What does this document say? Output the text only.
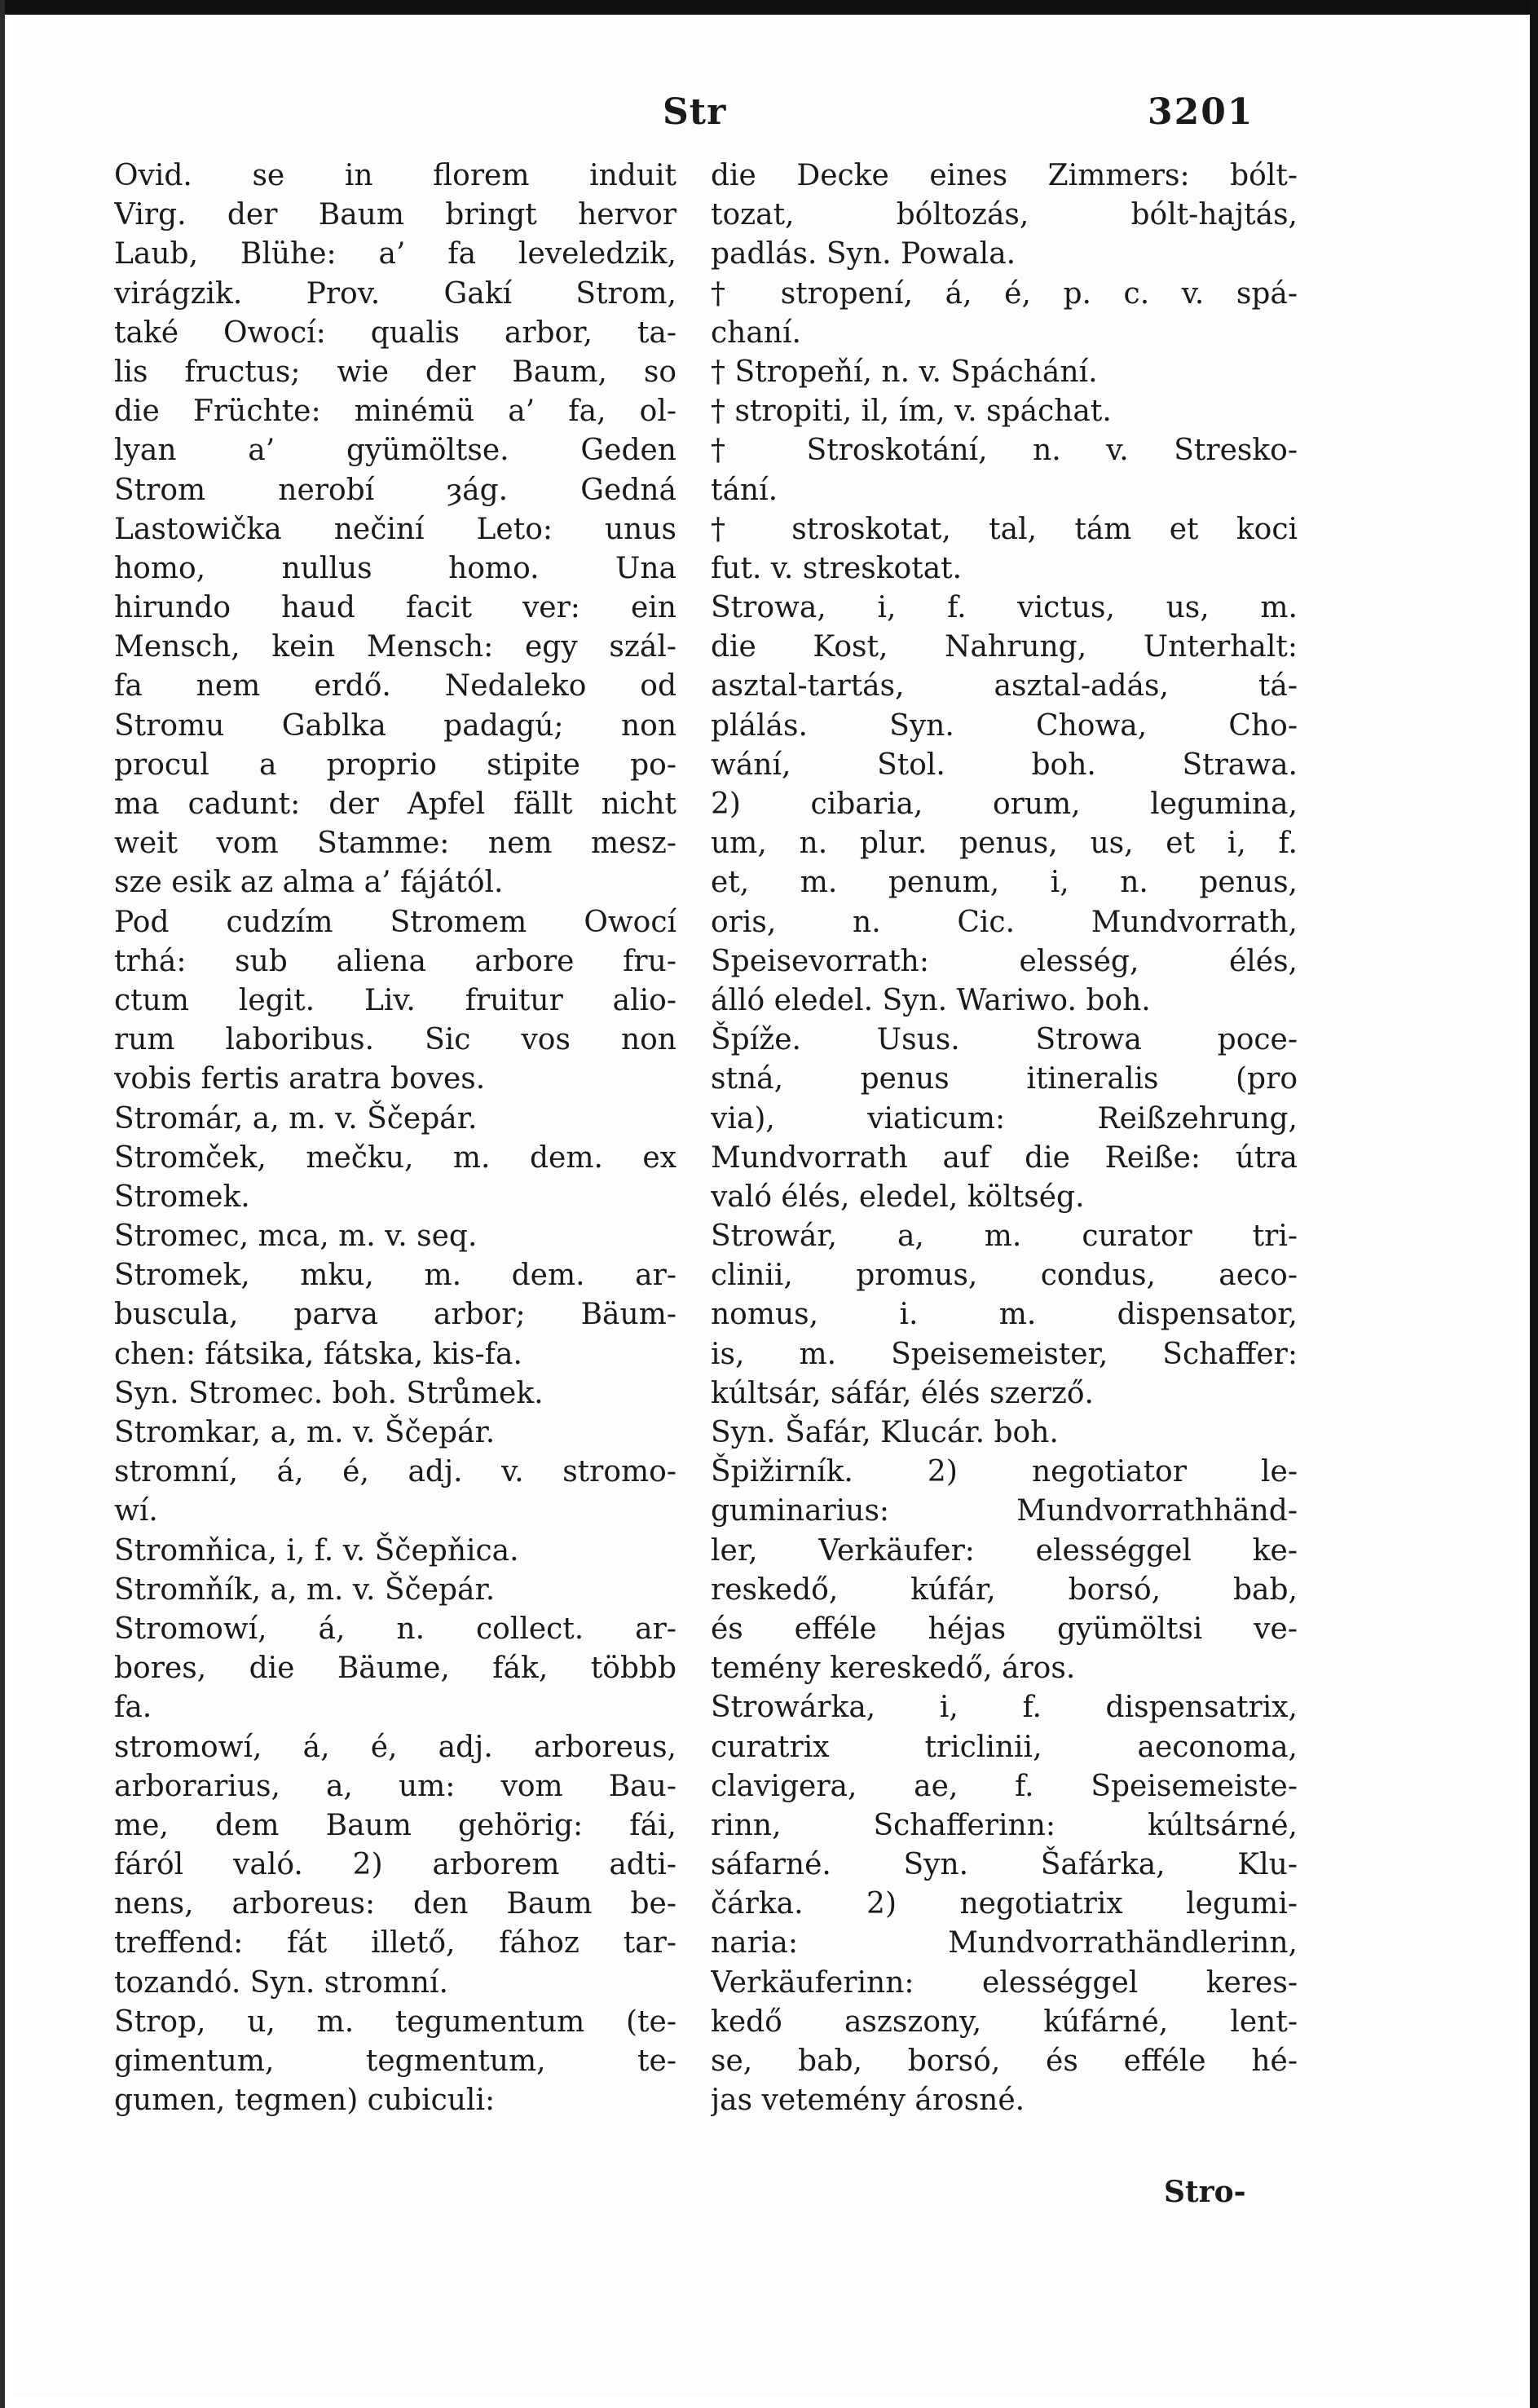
Str	3201
Ovid. se in florem induit
Virg. der Baum bringt hervor
Laub, Blühe: a’ fa leveledzik,
virágzik. Prov. Gakí Strom,
také Owocí: qualis arbor, ta-
lis fructus; wie der Baum, so
die Früchte: minémü a’ fa, ol-
lyan a’ gyümöltse. Geden
Strom nerobí ȝág. Gedná
Lastowička nečiní Leto: unus
homo, nullus homo. Una
hirundo haud facit ver: ein
Mensch, kein Mensch: egy szál-
fa nem erdő. Nedaleko od
Stromu Gablka padagú; non
procul a proprio stipite po-
ma cadunt: der Apfel fällt nicht
weit vom Stamme: nem mesz-
sze esik az alma a’ fájától.
Pod cudzím Stromem Owocí
trhá: sub aliena arbore fru-
ctum legit. Liv. fruitur alio-
rum laboribus. Sic vos non
vobis fertis aratra boves.
Stromár, a, m. v. Ščepár.
Stromček, mečku, m. dem. ex
Stromek.
Stromec, mca, m. v. seq.
Stromek, mku, m. dem. ar-
buscula, parva arbor; Bäum-
chen: fátsika, fátska, kis-fa.
Syn. Stromec. boh. Strůmek.
Stromkar, a, m. v. Ščepár.
stromní, á, é, adj. v. stromo-
wí.
Stromňica, i, f. v. Ščepňica.
Stromňík, a, m. v. Ščepár.
Stromowí, á, n. collect. ar-
bores, die Bäume, fák, többb
fa.
stromowí, á, é, adj. arboreus,
arborarius, a, um: vom Bau-
me, dem Baum gehörig: fái,
fáról való. 2) arborem adti-
nens, arboreus: den Baum be-
treffend: fát illető, fához tar-
tozandó. Syn. stromní.
Strop, u, m. tegumentum (te-
gimentum, tegmentum, te-
gumen, tegmen) cubiculi:
die Decke eines Zimmers: bólt-
tozat, bóltozás, bólt-hajtás,
padlás. Syn. Powala.
† stropení, á, é, p. c. v. spá-
chaní.
† Stropeňí, n. v. Spáchání.
† stropiti, il, ím, v. spáchat.
† Stroskotání, n. v. Stresko-
tání.
† stroskotat, tal, tám et koci
fut. v. streskotat.
Strowa, i, f. victus, us, m.
die Kost, Nahrung, Unterhalt:
asztal-tartás, asztal-adás, tá-
plálás. Syn. Chowa, Cho-
wání, Stol. boh. Strawa.
2) cibaria, orum, legumina,
um, n. plur. penus, us, et i, f.
et, m. penum, i, n. penus,
oris, n. Cic. Mundvorrath,
Speisevorrath: elesség, élés,
álló eledel. Syn. Wariwo. boh.
Špíže. Usus. Strowa poce-
stná, penus itineralis (pro
via), viaticum: Reißzehrung,
Mundvorrath auf die Reiße: útra
való élés, eledel, költség.
Strowár, a, m. curator tri-
clinii, promus, condus, aeco-
nomus, i. m. dispensator,
is, m. Speisemeister, Schaffer:
kúltsár, sáfár, élés szerző.
Syn. Šafár, Klucár. boh.
Špižirník. 2) negotiator le-
guminarius: Mundvorrathhänd-
ler, Verkäufer: elességgel ke-
reskedő, kúfár, borsó, bab,
és efféle héjas gyümöltsi ve-
temény kereskedő, áros.
Strowárka, i, f. dispensatrix,
curatrix triclinii, aeconoma,
clavigera, ae, f. Speisemeiste-
rinn, Schafferinn: kúltsárné,
sáfarné. Syn. Šafárka, Klu-
čárka. 2) negotiatrix legumi-
naria: Mundvorrathändlerinn,
Verkäuferinn: elességgel keres-
kedő aszszony, kúfárné, lent-
se, bab, borsó, és efféle hé-
jas vetemény árosné.
Stro-
